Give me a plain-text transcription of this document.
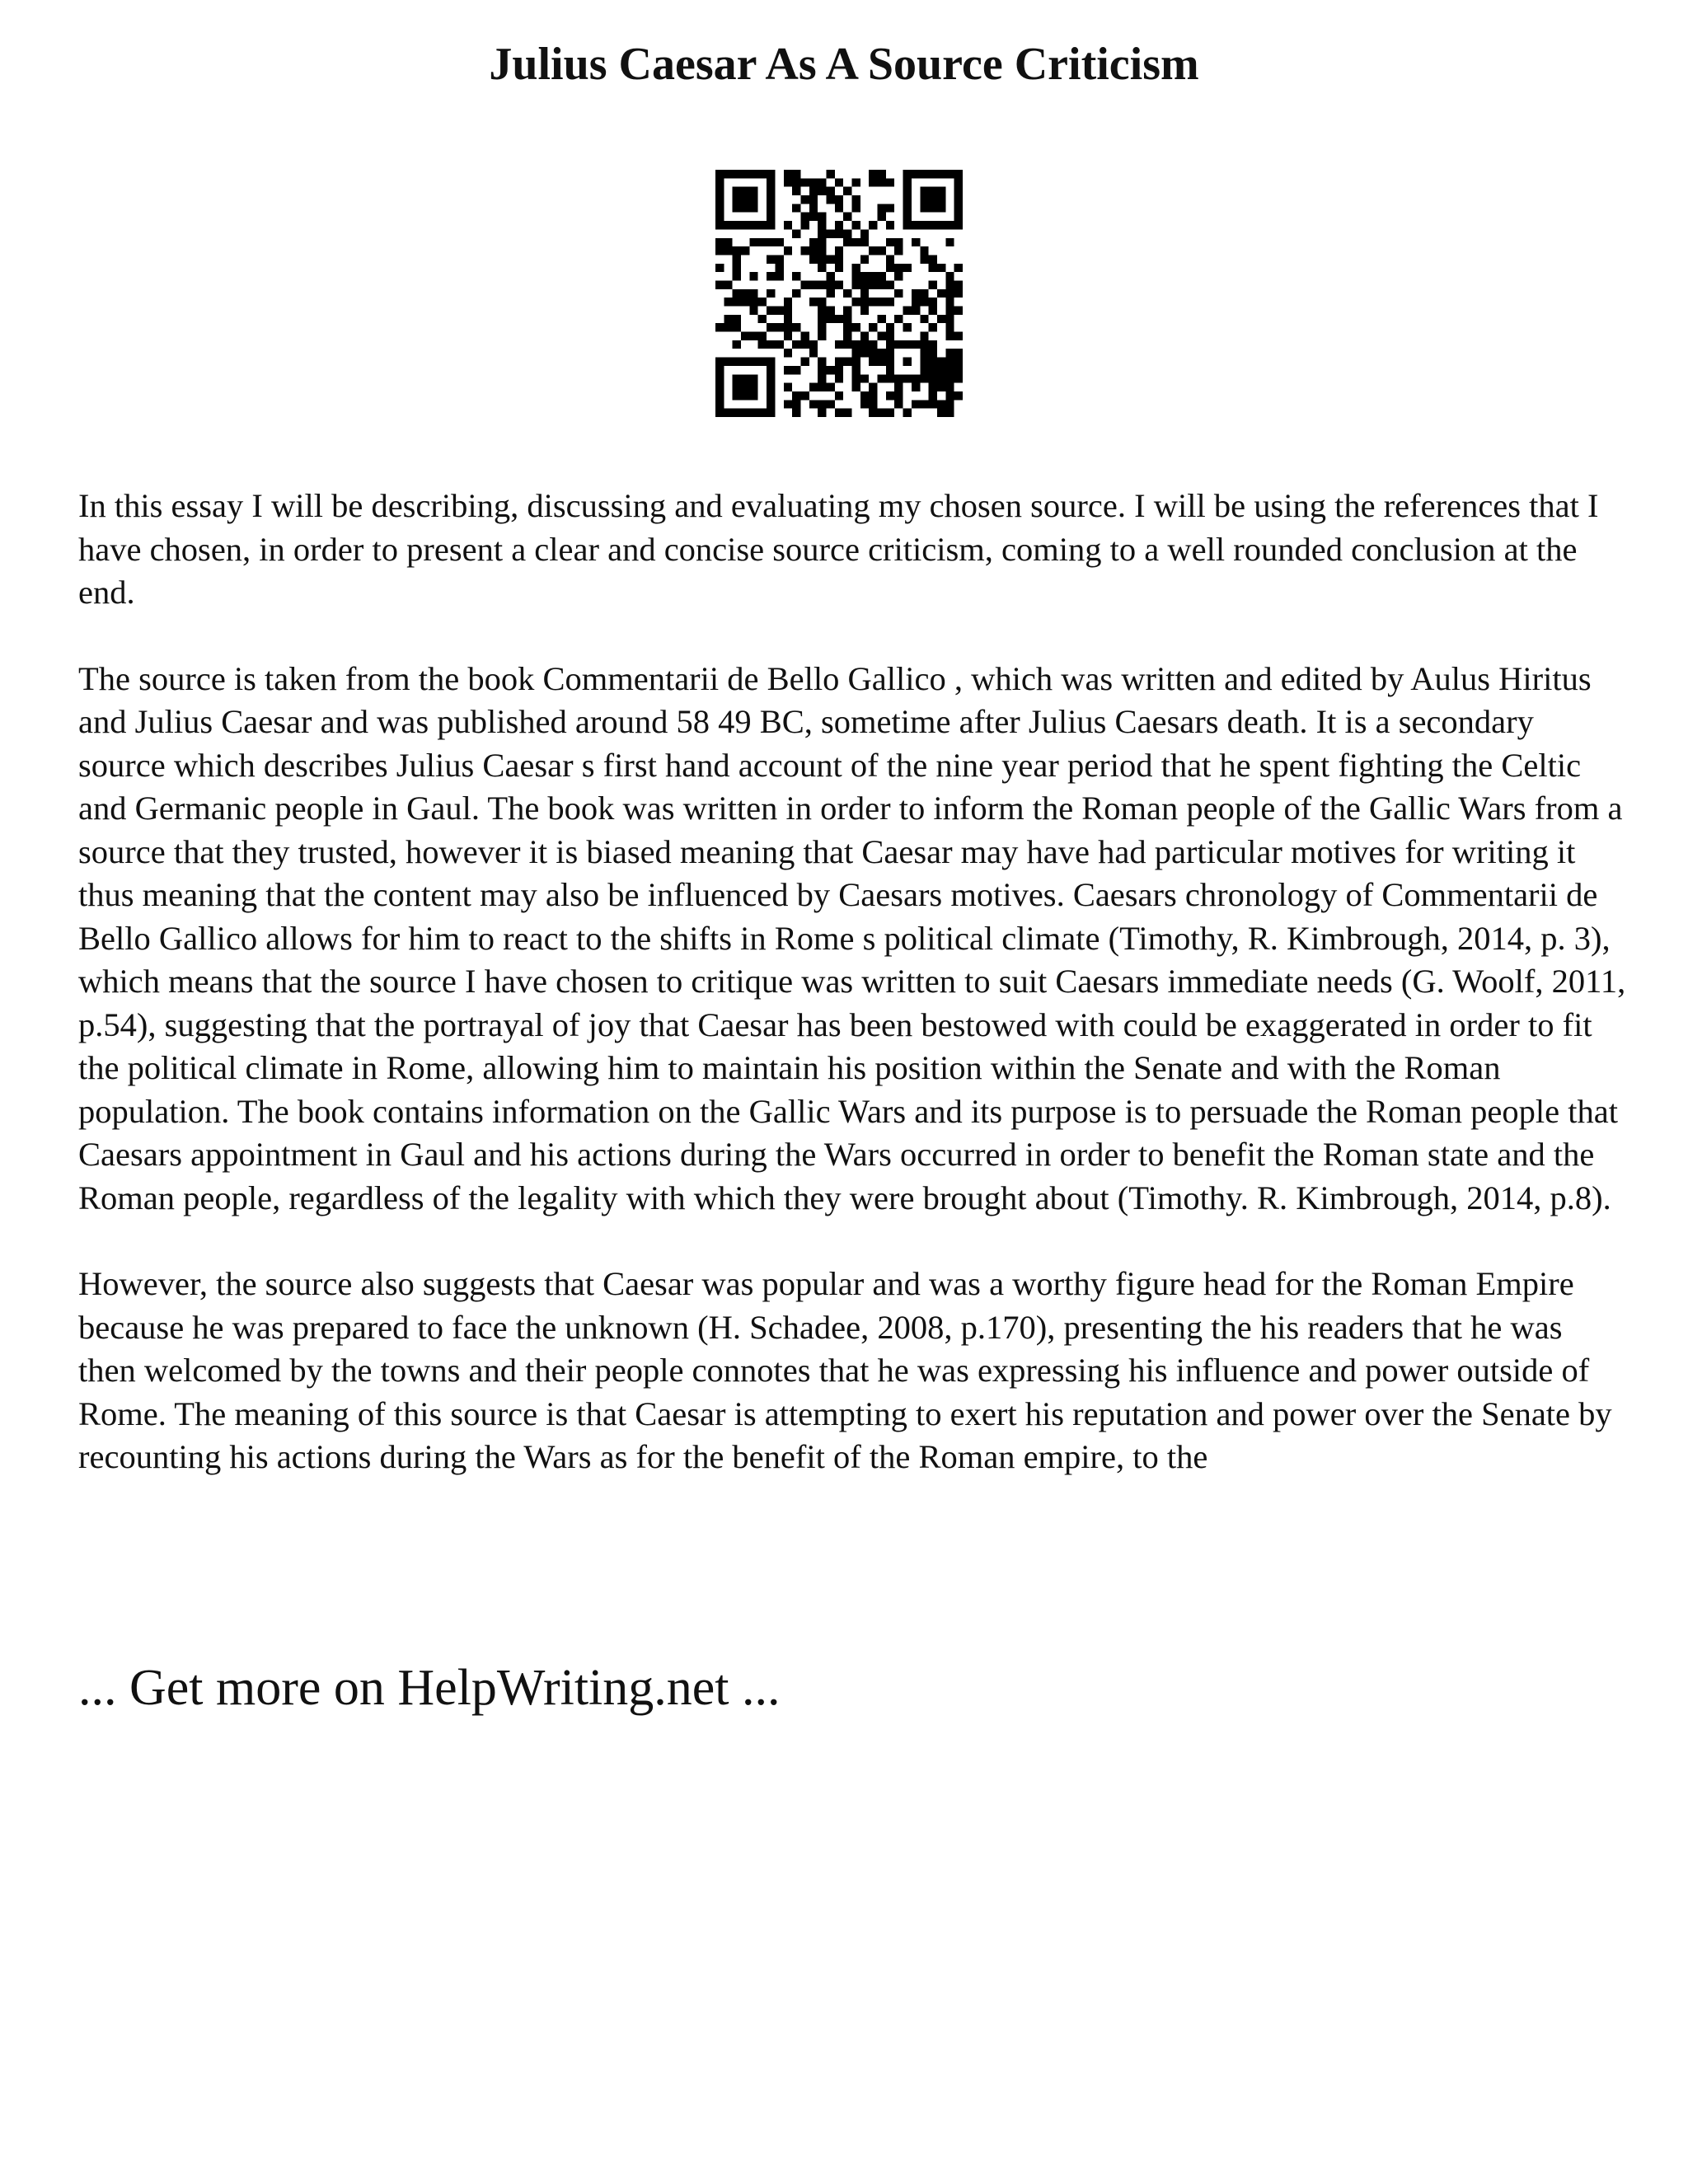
Julius Caesar As A Source Criticism

In this essay I will be describing, discussing and evaluating my chosen source. I will be using the references that I have chosen, in order to present a clear and concise source criticism, coming to a well rounded conclusion at the end.

The source is taken from the book Commentarii de Bello Gallico , which was written and edited by Aulus Hiritus and Julius Caesar and was published around 58 49 BC, sometime after Julius Caesars death. It is a secondary source which describes Julius Caesar s first hand account of the nine year period that he spent fighting the Celtic and Germanic people in Gaul. The book was written in order to inform the Roman people of the Gallic Wars from a source that they trusted, however it is biased meaning that Caesar may have had particular motives for writing it thus meaning that the content may also be influenced by Caesars motives. Caesars chronology of Commentarii de Bello Gallico allows for him to react to the shifts in Rome s political climate (Timothy, R. Kimbrough, 2014, p. 3), which means that the source I have chosen to critique was written to suit Caesars immediate needs (G. Woolf, 2011, p.54), suggesting that the portrayal of joy that Caesar has been bestowed with could be exaggerated in order to fit the political climate in Rome, allowing him to maintain his position within the Senate and with the Roman population. The book contains information on the Gallic Wars and its purpose is to persuade the Roman people that Caesars appointment in Gaul and his actions during the Wars occurred in order to benefit the Roman state and the Roman people, regardless of the legality with which they were brought about (Timothy. R. Kimbrough, 2014, p.8).

However, the source also suggests that Caesar was popular and was a worthy figure head for the Roman Empire because he was prepared to face the unknown (H. Schadee, 2008, p.170), presenting the his readers that he was then welcomed by the towns and their people connotes that he was expressing his influence and power outside of Rome. The meaning of this source is that Caesar is attempting to exert his reputation and power over the Senate by recounting his actions during the Wars as for the benefit of the Roman empire, to the

... Get more on HelpWriting.net ...
